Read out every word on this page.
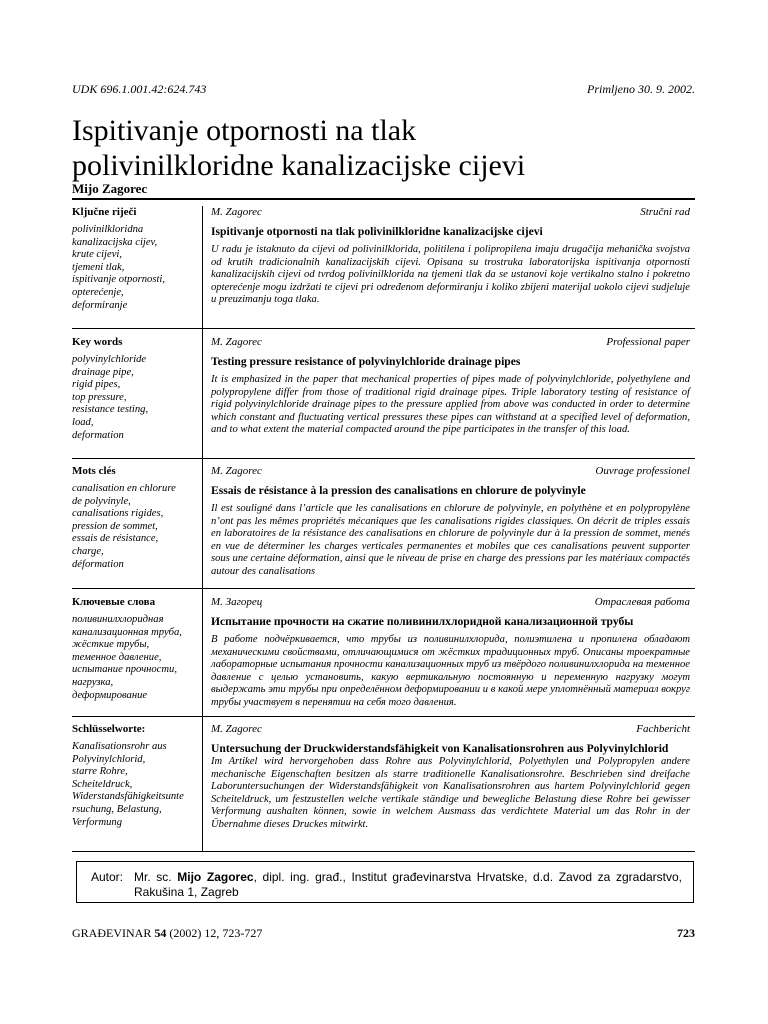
UDK 696.1.001.42:624.743	Primljeno 30. 9. 2002.
Ispitivanje otpornosti na tlak
polivinilkloridne kanalizacijske cijevi
Mijo Zagorec

Ključne riječi

polivinilkloridna
kanalizacijska cijev,
krute cijevi,
tjemeni tlak,
ispitivanje otpornosti,
opterećenje,
deformiranje

M. Zagorec	Stručni rad

Ispitivanje otpornosti na tlak polivinilkloridne kanalizacijske cijevi

U radu je istaknuto da cijevi od polivinilklorida, politilena i polipropilena imaju drugačija mehanička svojstva od krutih tradicionalnih kanalizacijskih cijevi. Opisana su trostruka laboratorijska ispitivanja otpornosti kanalizacijskih cijevi od tvrdog polivinilklorida na tjemeni tlak da se ustanovi koje vertikalno stalno i pokretno opterećenje mogu izdržati te cijevi pri određenom deformiranju i koliko zbijeni materijal uokolo cijevi sudjeluje u preuzimanju toga tlaka.

Key words

polyvinylchloride
drainage pipe,
rigid pipes,
top pressure,
resistance testing,
load,
deformation

M. Zagorec	Professional paper

Testing pressure resistance of polyvinylchloride drainage pipes

It is emphasized in the paper that mechanical properties of pipes made of polyvinylchloride, polyethylene and polypropylene differ from those of traditional rigid drainage pipes. Triple laboratory testing of resistance of rigid polyvinylchloride drainage pipes to the pressure applied from above was conducted in order to determine which constant and fluctuating vertical pressures these pipes can withstand at a specified level of deformation, and to what extent the material compacted around the pipe participates in the transfer of this load.

Mots clés

canalisation en chlorure
de polyvinyle,
canalisations rigides,
pression de sommet,
essais de résistance,
charge,
déformation

M. Zagorec	Ouvrage professionel

Essais de résistance à la pression des canalisations en chlorure de polyvinyle

Il est souligné dans l’article que les canalisations en chlorure de polyvinyle, en polythène et en polypropylène n’ont pas les mêmes propriétés mécaniques que les canalisations rigides classiques. On décrit de triples essais en laboratoires de la résistance des canalisations en chlorure de polyvinyle dur à la pression de sommet, menés en vue de déterminer les charges verticales permanentes et mobiles que ces canalisations peuvent supporter sous une certaine déformation, ainsi que le niveau de prise en charge des pressions par les matériaux compactés autour des canalisations

Ключевые слова

поливинилхлоридная
канализационная труба,
жёсткие трубы,
теменное давление,
испытание прочности,
нагрузка,
деформирование

M. Загорец	Отраслевая работа

Испытание прочности на сжатие поливинилхлоридной канализационной трубы

В работе подчёркивается, что трубы из поливинилхлорида, полиэтилена и пропилена обладают механическими свойствами, отличающимися от жёстких традиционных труб. Описаны троекратные лабораторные испытания прочности канализационных труб из твёрдого поливинилхлорида на теменное давление с целью установить, какую вертикальную постоянную и переменную нагрузку могут выдержать эти трубы при определённом деформировании и в какой мере уплотнённый материал вокруг трубы участвует в перенятии на себя того давления.

Schlüsselworte:

Kanalisationsrohr aus
Polyvinylchlorid,
starre Rohre,
Scheiteldruck,
Widerstandsfähigkeitsunte
rsuchung, Belastung,
Verformung

M. Zagorec	Fachbericht

Untersuchung der Druckwiderstandsfähigkeit von Kanalisationsrohren aus Polyvinylchlorid

Im Artikel wird hervorgehoben dass Rohre aus Polyvinylchlorid, Polyethylen und Polypropylen andere mechanische Eigenschaften besitzen als starre traditionelle Kanalisationsrohre. Beschrieben sind dreifache Laboruntersuchungen der Widerstandsfähigkeit von Kanalisationsrohren aus hartem Polyvinylchlorid gegen Scheiteldruck, um festzustellen welche vertikale ständige und bewegliche Belastung diese Rohre bei gewisser Verformung aushalten können, sowie in welchem Ausmass das verdichtete Material um das Rohr in der Übernahme dieses Druckes mitwirkt.

Autor: Mr. sc. Mijo Zagorec, dipl. ing. građ., Institut građevinarstva Hrvatske, d.d. Zavod za zgradarstvo, Rakušina 1, Zagreb
GRAĐEVINAR 54 (2002) 12, 723-727	723
